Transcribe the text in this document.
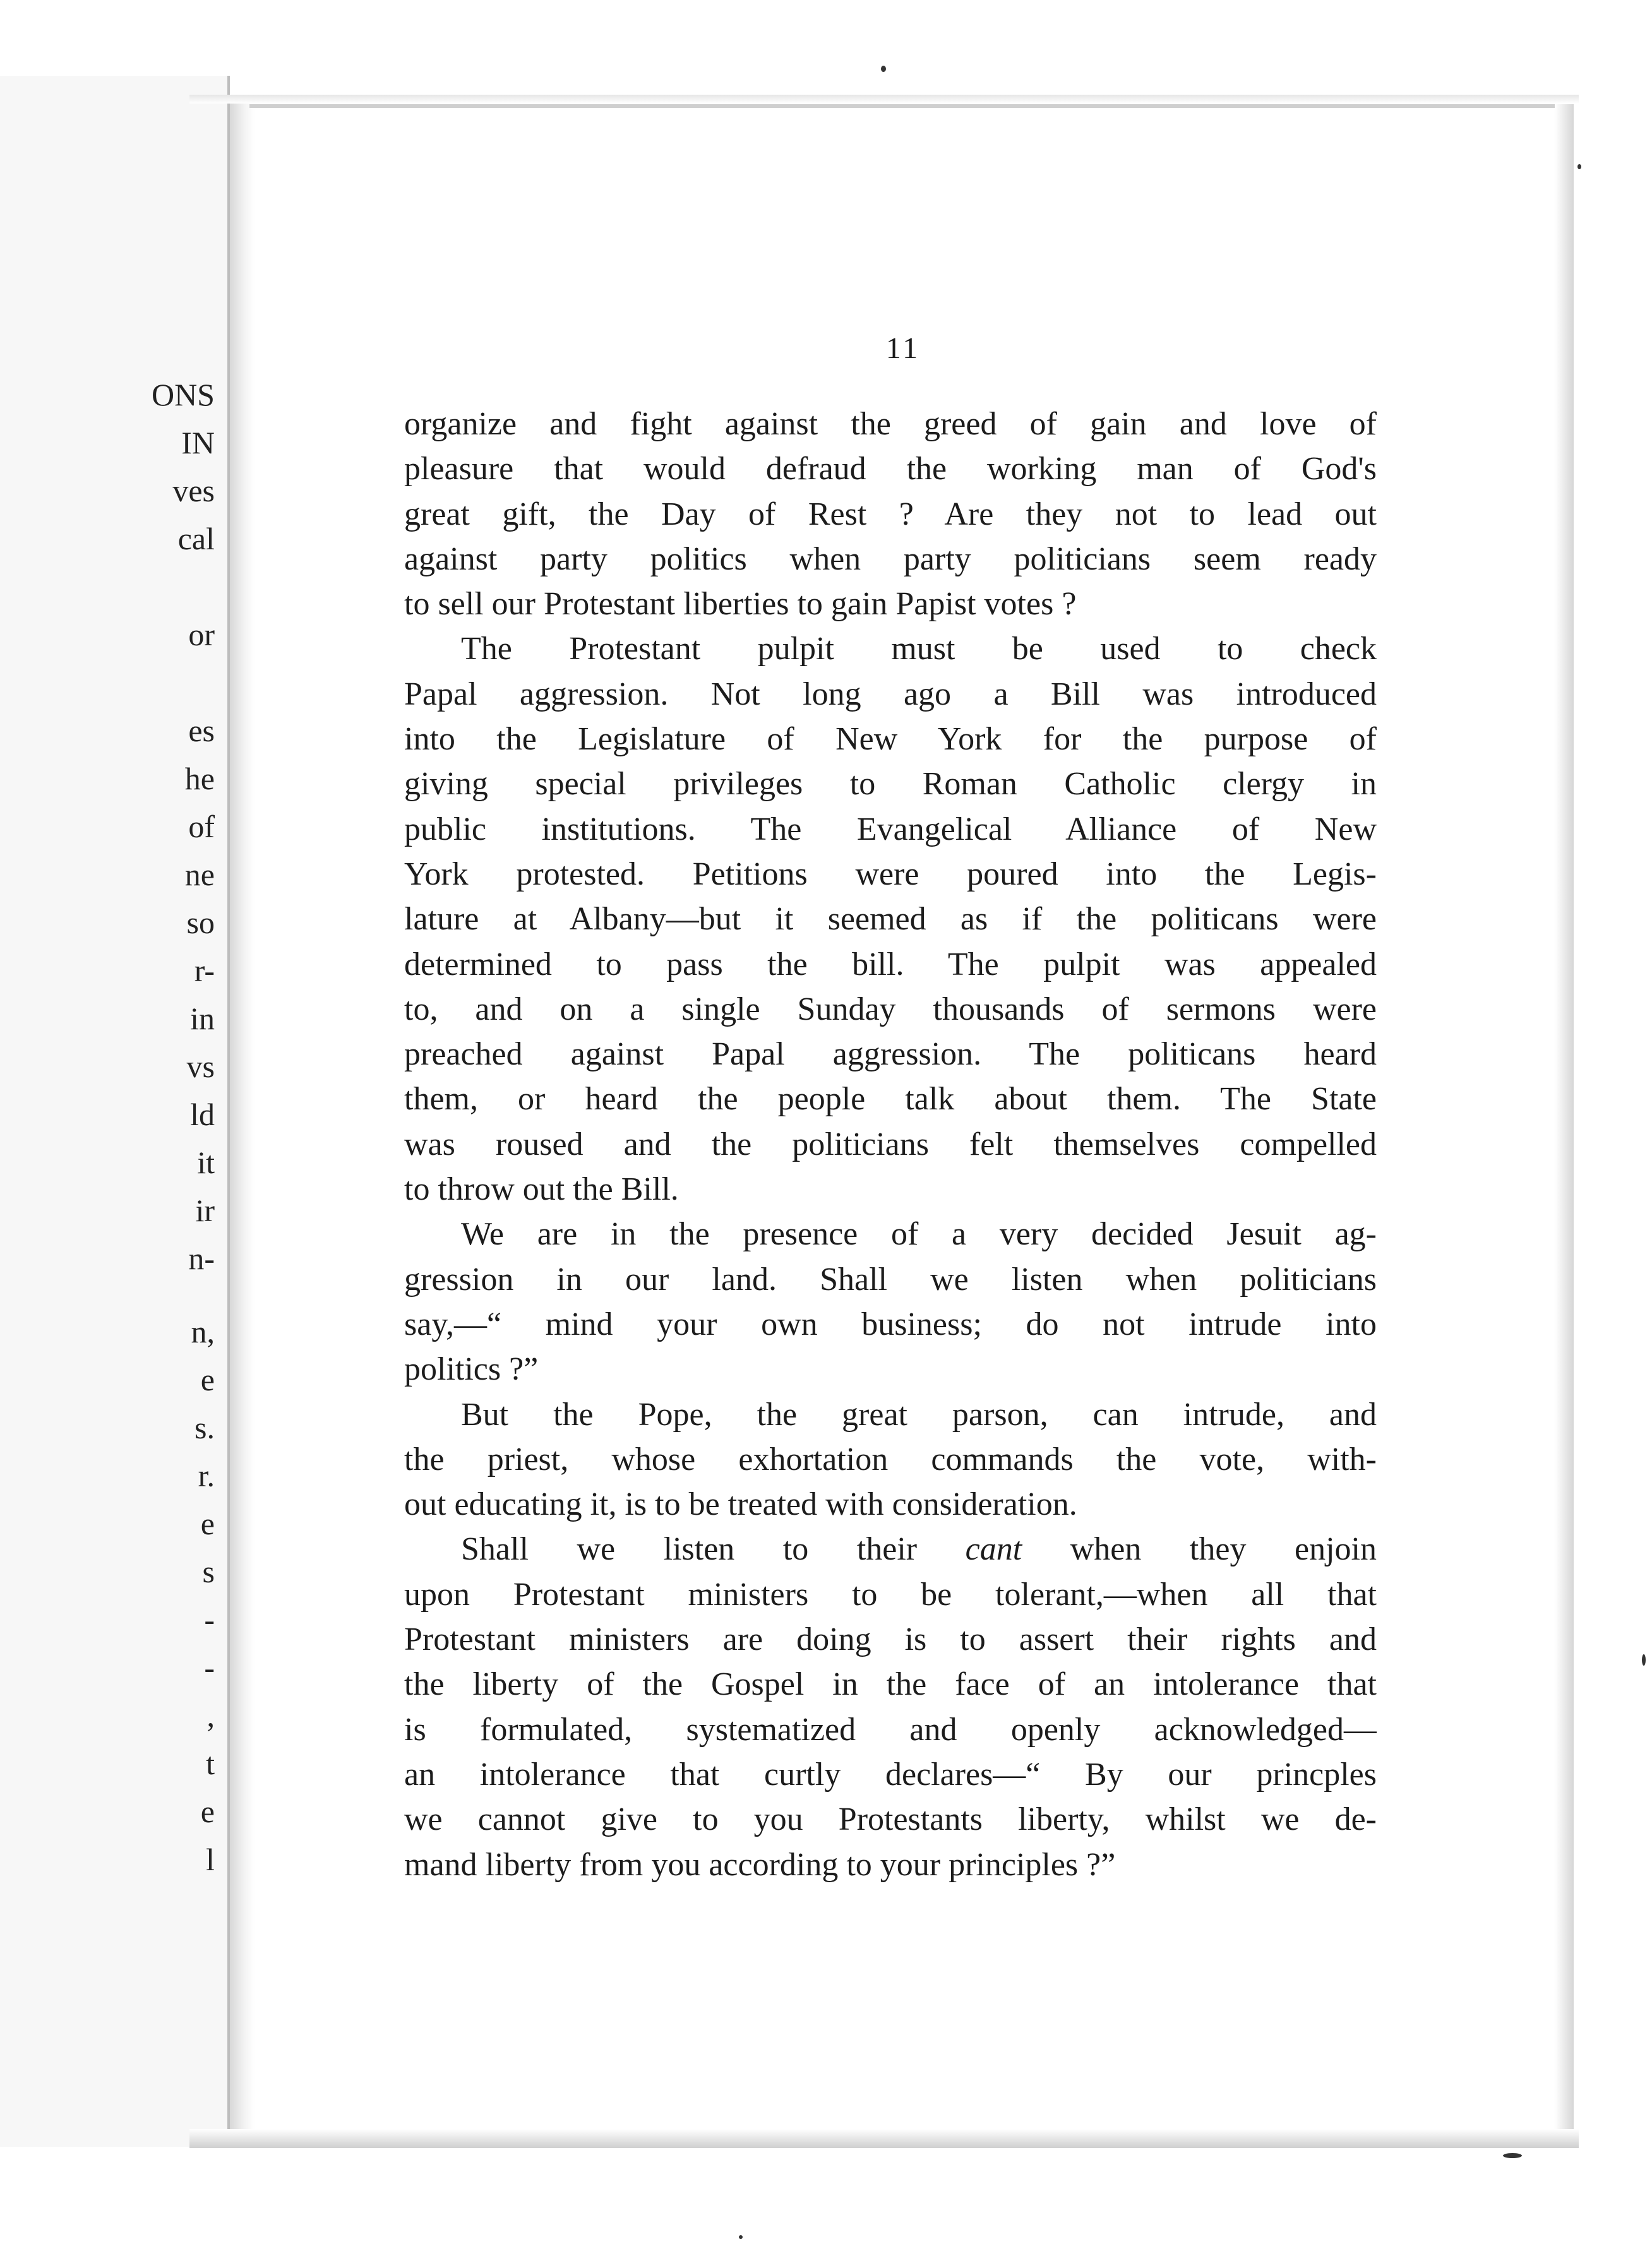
ONS
IN
ves
cal
or
es
he
of
ne
so
r-
in
vs
ld
it
ir
n-
n,
e
s.
r.
e
s
-
-
,
t
e
l
11
organize and fight against the greed of gain and love of
pleasure that would defraud the working man of God's
great gift, the Day of Rest ? Are they not to lead out
against party politics when party politicians seem ready
to sell our Protestant liberties to gain Papist votes ?
The Protestant pulpit must be used to check
Papal aggression. Not long ago a Bill was introduced
into the Legislature of New York for the purpose of
giving special privileges to Roman Catholic clergy in
public institutions. The Evangelical Alliance of New
York protested. Petitions were poured into the Legis-
lature at Albany—but it seemed as if the politicans were
determined to pass the bill. The pulpit was appealed
to, and on a single Sunday thousands of sermons were
preached against Papal aggression. The politicans heard
them, or heard the people talk about them. The State
was roused and the politicians felt themselves compelled
to throw out the Bill.
We are in the presence of a very decided Jesuit ag-
gression in our land. Shall we listen when politicians
say,—“ mind your own business; do not intrude into
politics ?”
But the Pope, the great parson, can intrude, and
the priest, whose exhortation commands the vote, with-
out educating it, is to be treated with consideration.
Shall we listen to their cant when they enjoin
upon Protestant ministers to be tolerant,—when all that
Protestant ministers are doing is to assert their rights and
the liberty of the Gospel in the face of an intolerance that
is formulated, systematized and openly acknowledged—
an intolerance that curtly declares—“ By our princples
we cannot give to you Protestants liberty, whilst we de-
mand liberty from you according to your principles ?”
